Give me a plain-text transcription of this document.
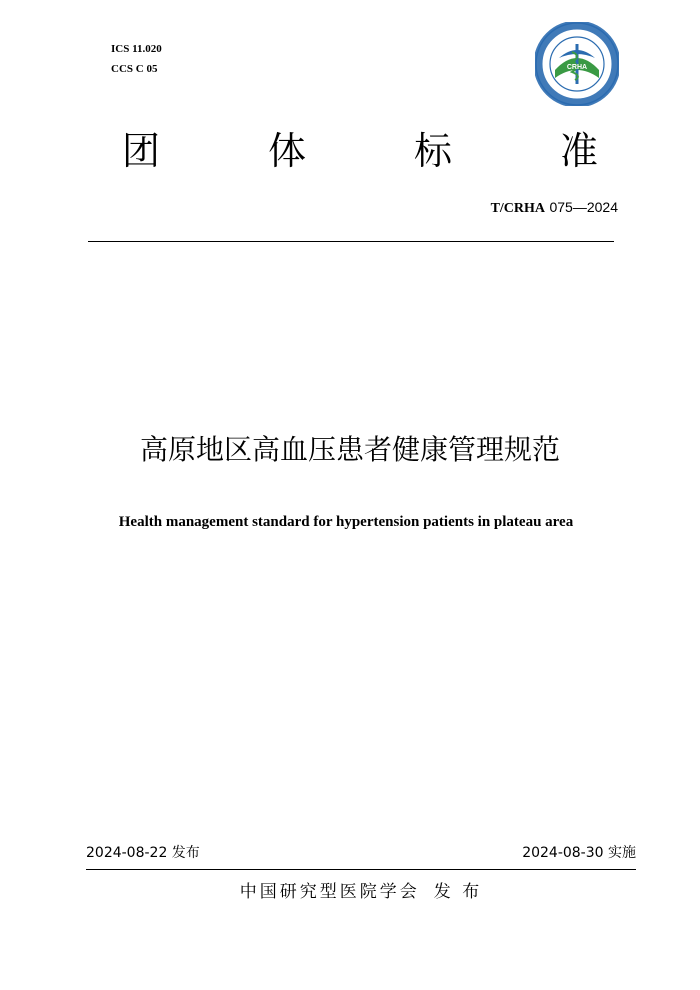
ICS 11.020
CCS C 05	CRHA
团	体	标	准
T/CRHA 075—2024
高原地区高血压患者健康管理规范
Health management standard for hypertension patients in plateau area
2024-08-22 发布	2024-08-30 实施
中国研究型医院学会 发 布
